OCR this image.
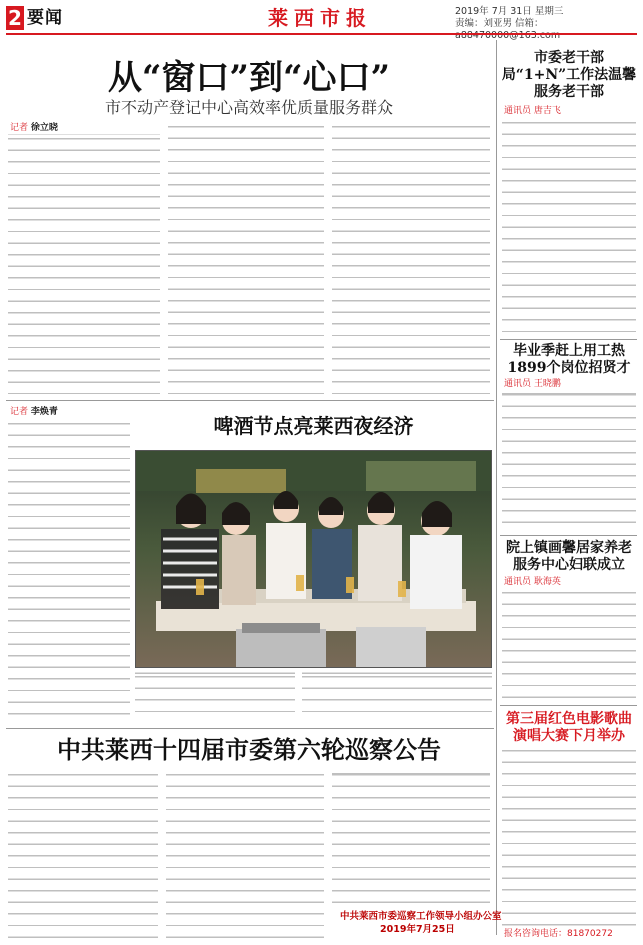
2 要闻	莱西市报	2019年 7月 31日 星期三
责编：刘亚男 信箱：a88470000@163.com
从“窗口”到“心口”
市不动产登记中心高效率优质量服务群众
记者 徐立晓
市委老干部局“1+N”工作法温馨服务老干部
通讯员 唐吉飞
毕业季赶上用工热1899个岗位招贤才
通讯员 王晓鹏
院上镇画馨居家养老服务中心妇联成立
通讯员 耿海英
第三届红色电影歌曲演唱大赛下月举办
报名咨询电话：81870272
记者 李焕青
啤酒节点亮莱西夜经济
中共莱西十四届市委第六轮巡察公告
中共莱西市委巡察工作领导小组办公室
2019年7月25日
